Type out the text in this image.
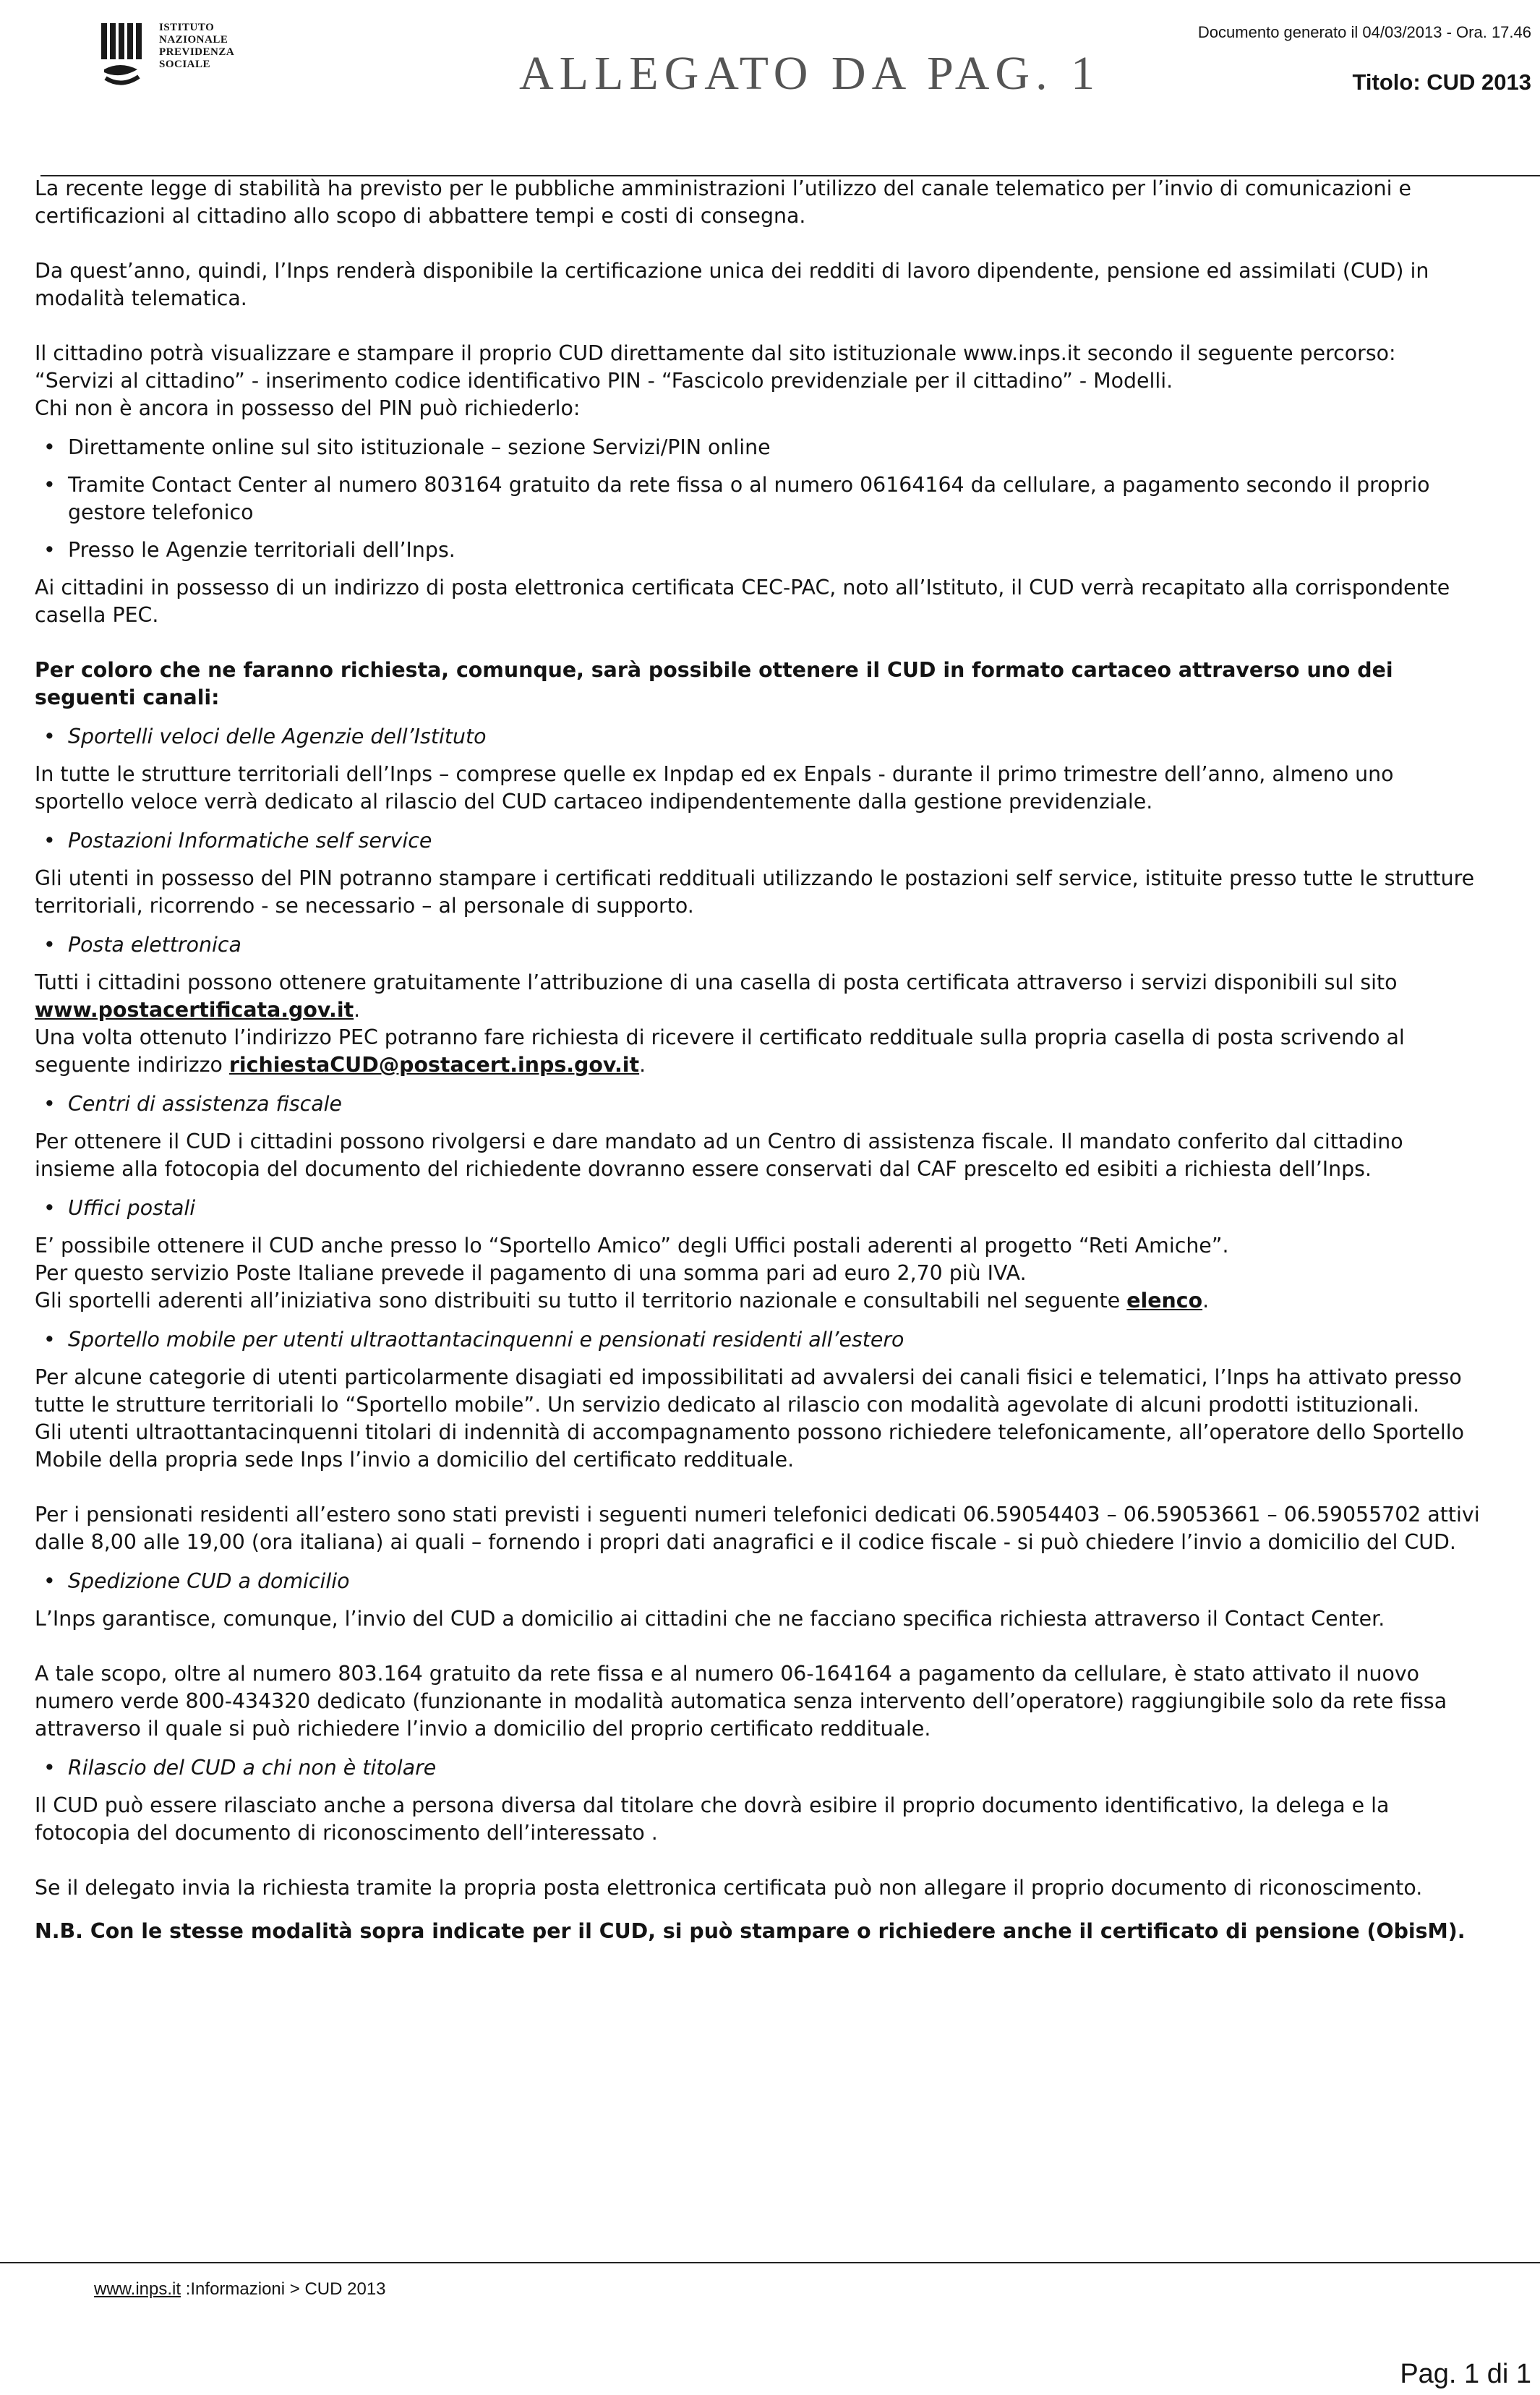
ISTITUTO
NAZIONALE
PREVIDENZA
SOCIALE	ALLEGATO DA PAG. 1
Documento generato il 04/03/2013 - Ora. 17.46
Titolo: CUD 2013

La recente legge di stabilità ha previsto per le pubbliche amministrazioni l’utilizzo del canale telematico per l’invio di comunicazioni e certificazioni al cittadino allo scopo di abbattere tempi e costi di consegna.

Da quest’anno, quindi, l’Inps renderà disponibile la certificazione unica dei redditi di lavoro dipendente, pensione ed assimilati (CUD) in modalità telematica.

Il cittadino potrà visualizzare e stampare il proprio CUD direttamente dal sito istituzionale www.inps.it secondo il seguente percorso: “Servizi al cittadino” - inserimento codice identificativo PIN - “Fascicolo previdenziale per il cittadino” - Modelli.

Chi non è ancora in possesso del PIN può richiederlo:

• Direttamente online sul sito istituzionale – sezione Servizi/PIN online
• Tramite Contact Center al numero 803164 gratuito da rete fissa o al numero 06164164 da cellulare, a pagamento secondo il proprio gestore telefonico
• Presso le Agenzie territoriali dell’Inps.

Ai cittadini in possesso di un indirizzo di posta elettronica certificata CEC-PAC, noto all’Istituto, il CUD verrà recapitato alla corrispondente casella PEC.

Per coloro che ne faranno richiesta, comunque, sarà possibile ottenere il CUD in formato cartaceo attraverso uno dei seguenti canali:

• Sportelli veloci delle Agenzie dell’Istituto

In tutte le strutture territoriali dell’Inps – comprese quelle ex Inpdap ed ex Enpals - durante il primo trimestre dell’anno, almeno uno sportello veloce verrà dedicato al rilascio del CUD cartaceo indipendentemente dalla gestione previdenziale.

• Postazioni Informatiche self service

Gli utenti in possesso del PIN potranno stampare i certificati reddituali utilizzando le postazioni self service, istituite presso tutte le strutture territoriali, ricorrendo - se necessario – al personale di supporto.

• Posta elettronica

Tutti i cittadini possono ottenere gratuitamente l’attribuzione di una casella di posta certificata attraverso i servizi disponibili sul sito www.postacertificata.gov.it.

Una volta ottenuto l’indirizzo PEC potranno fare richiesta di ricevere il certificato reddituale sulla propria casella di posta scrivendo al seguente indirizzo richiestaCUD@postacert.inps.gov.it.

• Centri di assistenza fiscale

Per ottenere il CUD i cittadini possono rivolgersi e dare mandato ad un Centro di assistenza fiscale. Il mandato conferito dal cittadino insieme alla fotocopia del documento del richiedente dovranno essere conservati dal CAF prescelto ed esibiti a richiesta dell’Inps.

• Uffici postali

E’ possibile ottenere il CUD anche presso lo “Sportello Amico” degli Uffici postali aderenti al progetto “Reti Amiche”.

Per questo servizio Poste Italiane prevede il pagamento di una somma pari ad euro 2,70 più IVA.

Gli sportelli aderenti all’iniziativa sono distribuiti su tutto il territorio nazionale e consultabili nel seguente elenco.

• Sportello mobile per utenti ultraottantacinquenni e pensionati residenti all’estero

Per alcune categorie di utenti particolarmente disagiati ed impossibilitati ad avvalersi dei canali fisici e telematici, l’Inps ha attivato presso tutte le strutture territoriali lo “Sportello mobile”. Un servizio dedicato al rilascio con modalità agevolate di alcuni prodotti istituzionali.

Gli utenti ultraottantacinquenni titolari di indennità di accompagnamento possono richiedere telefonicamente, all’operatore dello Sportello Mobile della propria sede Inps l’invio a domicilio del certificato reddituale.

Per i pensionati residenti all’estero sono stati previsti i seguenti numeri telefonici dedicati 06.59054403 – 06.59053661 – 06.59055702 attivi dalle 8,00 alle 19,00 (ora italiana) ai quali – fornendo i propri dati anagrafici e il codice fiscale - si può chiedere l’invio a domicilio del CUD.

• Spedizione CUD a domicilio

L’Inps garantisce, comunque, l’invio del CUD a domicilio ai cittadini che ne facciano specifica richiesta attraverso il Contact Center.

A tale scopo, oltre al numero 803.164 gratuito da rete fissa e al numero 06-164164 a pagamento da cellulare, è stato attivato il nuovo numero verde 800-434320 dedicato (funzionante in modalità automatica senza intervento dell’operatore) raggiungibile solo da rete fissa attraverso il quale si può richiedere l’invio a domicilio del proprio certificato reddituale.

• Rilascio del CUD a chi non è titolare

Il CUD può essere rilasciato anche a persona diversa dal titolare che dovrà esibire il proprio documento identificativo, la delega e la fotocopia del documento di riconoscimento dell’interessato .

Se il delegato invia la richiesta tramite la propria posta elettronica certificata può non allegare il proprio documento di riconoscimento.

N.B. Con le stesse modalità sopra indicate per il CUD, si può stampare o richiedere anche il certificato di pensione (ObisM).

www.inps.it :Informazioni > CUD 2013
Pag. 1 di 1
